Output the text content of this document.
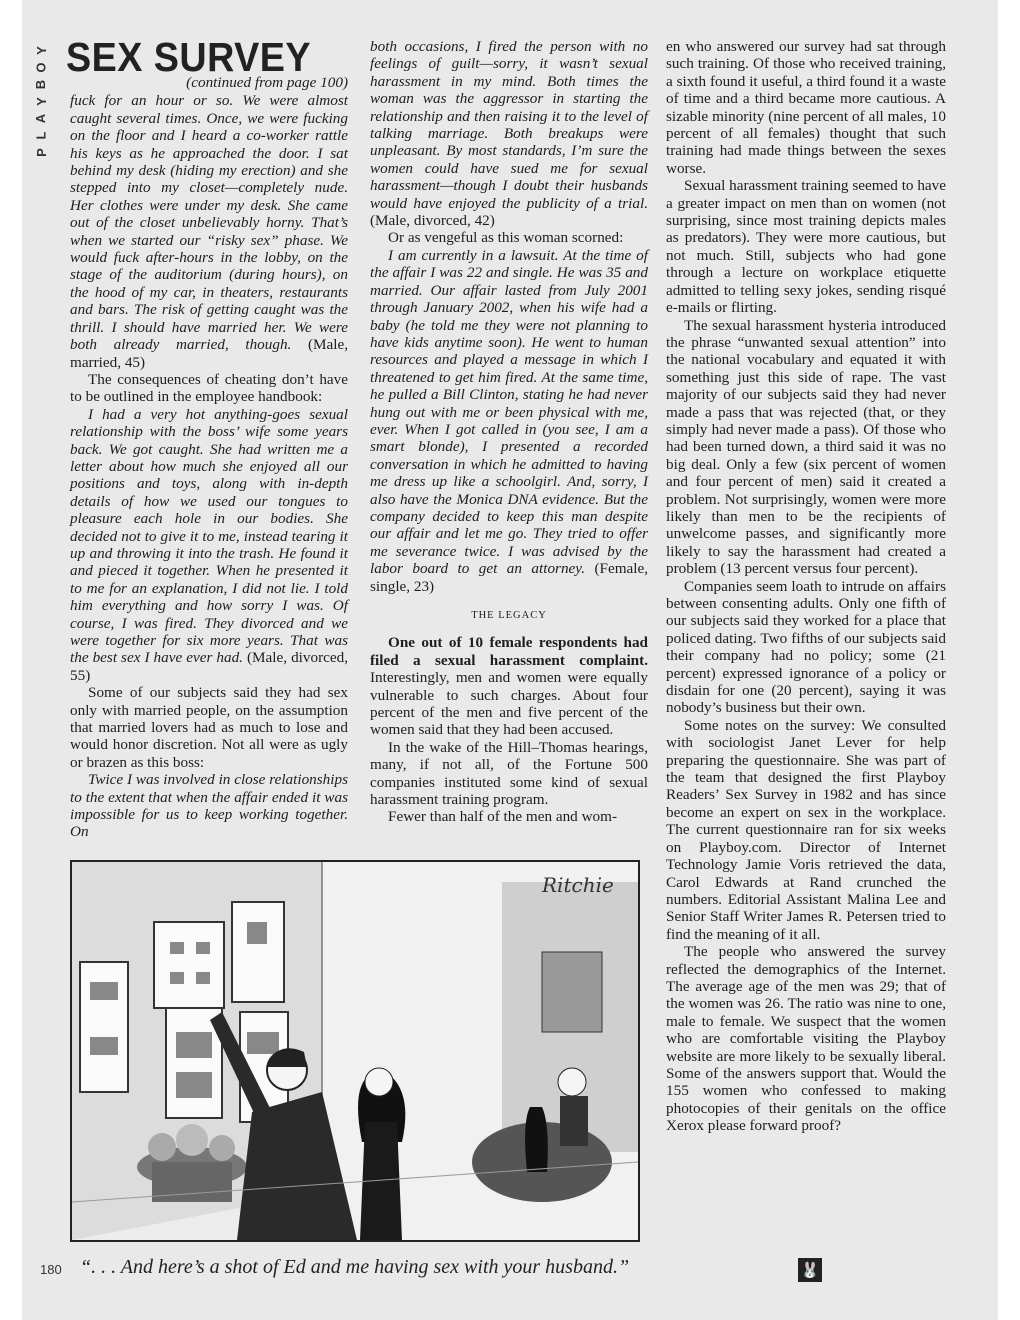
Y
O
B
Y
A
L
P
SEX SURVEY

(continued from page 100)

fuck for an hour or so. We were almost caught several times. Once, we were fucking on the floor and I heard a co-worker rattle his keys as he approached the door. I sat behind my desk (hiding my erection) and she stepped into my closet—completely nude. Her clothes were under my desk. She came out of the closet unbelievably horny. That’s when we started our “risky sex” phase. We would fuck after-hours in the lobby, on the stage of the auditorium (during hours), on the hood of my car, in theaters, restaurants and bars. The risk of getting caught was the thrill. I should have married her. We were both already married, though. (Male, married, 45)

The consequences of cheating don’t have to be outlined in the employee handbook:

I had a very hot anything-goes sexual relationship with the boss’ wife some years back. We got caught. She had written me a letter about how much she enjoyed all our positions and toys, along with in-depth details of how we used our tongues to pleasure each hole in our bodies. She decided not to give it to me, instead tearing it up and throwing it into the trash. He found it and pieced it together. When he presented it to me for an explanation, I did not lie. I told him everything and how sorry I was. Of course, I was fired. They divorced and we were together for six more years. That was the best sex I have ever had. (Male, divorced, 55)

Some of our subjects said they had sex only with married people, on the assumption that married lovers had as much to lose and would honor discretion. Not all were as ugly or brazen as this boss:

Twice I was involved in close relationships to the extent that when the affair ended it was impossible for us to keep working together. On

both occasions, I fired the person with no feelings of guilt—sorry, it wasn’t sexual harassment in my mind. Both times the woman was the aggressor in starting the relationship and then raising it to the level of talking marriage. Both breakups were unpleasant. By most standards, I’m sure the women could have sued me for sexual harassment—though I doubt their husbands would have enjoyed the publicity of a trial. (Male, divorced, 42)

Or as vengeful as this woman scorned:

I am currently in a lawsuit. At the time of the affair I was 22 and single. He was 35 and married. Our affair lasted from July 2001 through January 2002, when his wife had a baby (he told me they were not planning to have kids anytime soon). He went to human resources and played a message in which I threatened to get him fired. At the same time, he pulled a Bill Clinton, stating he had never hung out with me or been physical with me, ever. When I got called in (you see, I am a smart blonde), I presented a recorded conversation in which he admitted to having me dress up like a schoolgirl. And, sorry, I also have the Monica DNA evidence. But the company decided to keep this man despite our affair and let me go. They tried to offer me severance twice. I was advised by the labor board to get an attorney. (Female, single, 23)

THE LEGACY

One out of 10 female respondents had filed a sexual harassment complaint. Interestingly, men and women were equally vulnerable to such charges. About four percent of the men and five percent of the women said that they had been accused.

In the wake of the Hill–Thomas hearings, many, if not all, of the Fortune 500 companies instituted some kind of sexual harassment training program.

Fewer than half of the men and wom-

en who answered our survey had sat through such training. Of those who received training, a sixth found it useful, a third found it a waste of time and a third became more cautious. A sizable minority (nine percent of all males, 10 percent of all females) thought that such training had made things between the sexes worse.

Sexual harassment training seemed to have a greater impact on men than on women (not surprising, since most training depicts males as predators). They were more cautious, but not much. Still, subjects who had gone through a lecture on workplace etiquette admitted to telling sexy jokes, sending risqué e-mails or flirting.

The sexual harassment hysteria introduced the phrase “unwanted sexual attention” into the national vocabulary and equated it with something just this side of rape. The vast majority of our subjects said they had never made a pass that was rejected (that, or they simply had never made a pass). Of those who had been turned down, a third said it was no big deal. Only a few (six percent of women and four percent of men) said it created a problem. Not surprisingly, women were more likely than men to be the recipients of unwelcome passes, and significantly more likely to say the harassment had created a problem (13 percent versus four percent).

Companies seem loath to intrude on affairs between consenting adults. Only one fifth of our subjects said they worked for a place that policed dating. Two fifths of our subjects said their company had no policy; some (21 percent) expressed ignorance of a policy or disdain for one (20 percent), saying it was nobody’s business but their own.

Some notes on the survey: We consulted with sociologist Janet Lever for help preparing the questionnaire. She was part of the team that designed the first Playboy Readers’ Sex Survey in 1982 and has since become an expert on sex in the workplace. The current questionnaire ran for six weeks on Playboy.com. Director of Internet Technology Jamie Voris retrieved the data, Carol Edwards at Rand crunched the numbers. Editorial Assistant Malina Lee and Senior Staff Writer James R. Petersen tried to find the meaning of it all.

The people who answered the survey reflected the demographics of the Internet. The average age of the men was 29; that of the women was 26. The ratio was nine to one, male to female. We suspect that the women who are comfortable visiting the Playboy website are more likely to be sexually liberal. Some of the answers support that. Would the 155 women who confessed to making photocopies of their genitals on the office Xerox please forward proof?

Ritchie
180 “. . . And here’s a shot of Ed and me having sex with your husband.”	🐰
